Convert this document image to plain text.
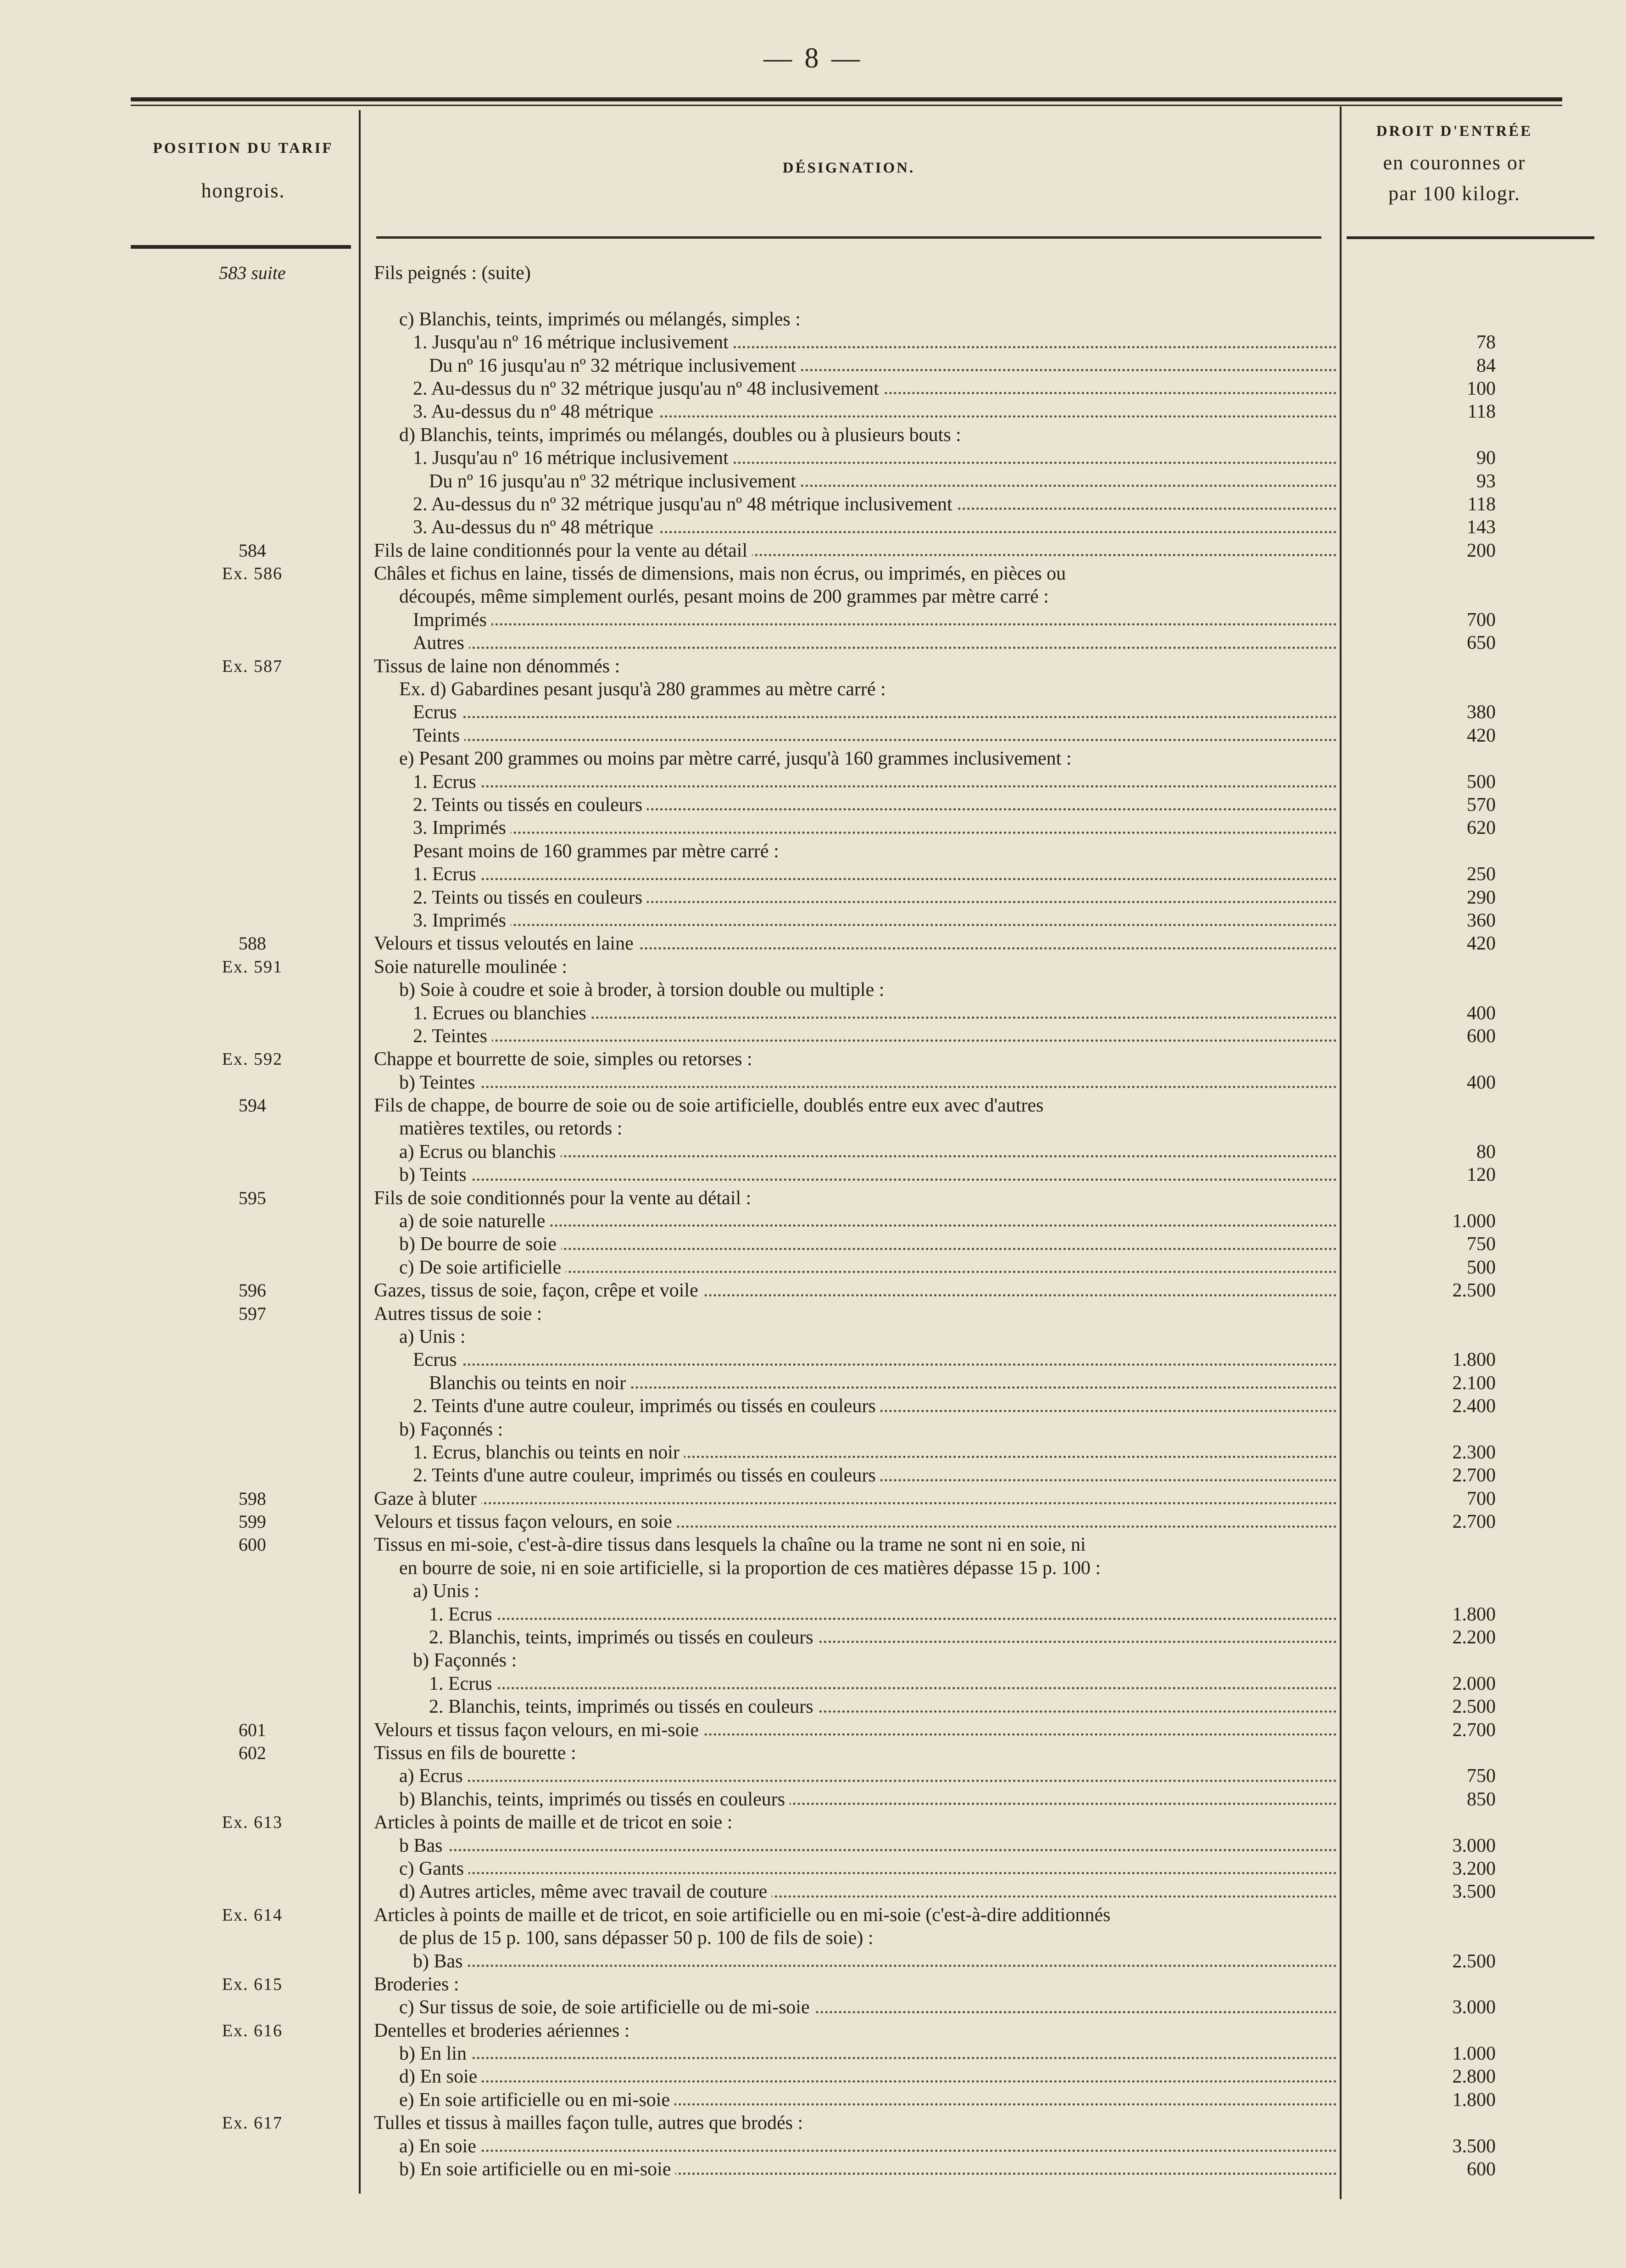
— 8 —
POSITION DU TARIF
hongrois.
DÉSIGNATION.
DROIT D'ENTRÉE
en couronnes or
par 100 kilogr.
583 suite	Fils peignés : (suite)
c) Blanchis, teints, imprimés ou mélangés, simples :
1. Jusqu'au nº 16 métrique inclusivement	78
Du nº 16 jusqu'au nº 32 métrique inclusivement	84
2. Au-dessus du nº 32 métrique jusqu'au nº 48 inclusivement	100
3. Au-dessus du nº 48 métrique	118
d) Blanchis, teints, imprimés ou mélangés, doubles ou à plusieurs bouts :
1. Jusqu'au nº 16 métrique inclusivement	90
Du nº 16 jusqu'au nº 32 métrique inclusivement	93
2. Au-dessus du nº 32 métrique jusqu'au nº 48 métrique inclusivement	118
3. Au-dessus du nº 48 métrique	143
584	Fils de laine conditionnés pour la vente au détail	200
Ex. 586	Châles et fichus en laine, tissés de dimensions, mais non écrus, ou imprimés, en pièces ou
découpés, même simplement ourlés, pesant moins de 200 grammes par mètre carré :
Imprimés	700
Autres	650
Ex. 587	Tissus de laine non dénommés :
Ex. d) Gabardines pesant jusqu'à 280 grammes au mètre carré :
Ecrus	380
Teints	420
e) Pesant 200 grammes ou moins par mètre carré, jusqu'à 160 grammes inclusivement :
1. Ecrus	500
2. Teints ou tissés en couleurs	570
3. Imprimés	620
Pesant moins de 160 grammes par mètre carré :
1. Ecrus	250
2. Teints ou tissés en couleurs	290
3. Imprimés	360
588	Velours et tissus veloutés en laine	420
Ex. 591	Soie naturelle moulinée :
b) Soie à coudre et soie à broder, à torsion double ou multiple :
1. Ecrues ou blanchies	400
2. Teintes	600
Ex. 592	Chappe et bourrette de soie, simples ou retorses :
b) Teintes	400
594	Fils de chappe, de bourre de soie ou de soie artificielle, doublés entre eux avec d'autres
matières textiles, ou retords :
a) Ecrus ou blanchis	80
b) Teints	120
595	Fils de soie conditionnés pour la vente au détail :
a) de soie naturelle	1.000
b) De bourre de soie	750
c) De soie artificielle	500
596	Gazes, tissus de soie, façon, crêpe et voile	2.500
597	Autres tissus de soie :
a) Unis :
Ecrus	1.800
Blanchis ou teints en noir	2.100
2. Teints d'une autre couleur, imprimés ou tissés en couleurs	2.400
b) Façonnés :
1. Ecrus, blanchis ou teints en noir	2.300
2. Teints d'une autre couleur, imprimés ou tissés en couleurs	2.700
598	Gaze à bluter	700
599	Velours et tissus façon velours, en soie	2.700
600	Tissus en mi-soie, c'est-à-dire tissus dans lesquels la chaîne ou la trame ne sont ni en soie, ni
en bourre de soie, ni en soie artificielle, si la proportion de ces matières dépasse 15 p. 100 :
a) Unis :
1. Ecrus	1.800
2. Blanchis, teints, imprimés ou tissés en couleurs	2.200
b) Façonnés :
1. Ecrus	2.000
2. Blanchis, teints, imprimés ou tissés en couleurs	2.500
601	Velours et tissus façon velours, en mi-soie	2.700
602	Tissus en fils de bourette :
a) Ecrus	750
b) Blanchis, teints, imprimés ou tissés en couleurs	850
Ex. 613	Articles à points de maille et de tricot en soie :
b Bas	3.000
c) Gants	3.200
d) Autres articles, même avec travail de couture	3.500
Ex. 614	Articles à points de maille et de tricot, en soie artificielle ou en mi-soie (c'est-à-dire additionnés
de plus de 15 p. 100, sans dépasser 50 p. 100 de fils de soie) :
b) Bas	2.500
Ex. 615	Broderies :
c) Sur tissus de soie, de soie artificielle ou de mi-soie	3.000
Ex. 616	Dentelles et broderies aériennes :
b) En lin	1.000
d) En soie	2.800
e) En soie artificielle ou en mi-soie	1.800
Ex. 617	Tulles et tissus à mailles façon tulle, autres que brodés :
a) En soie	3.500
b) En soie artificielle ou en mi-soie	600
